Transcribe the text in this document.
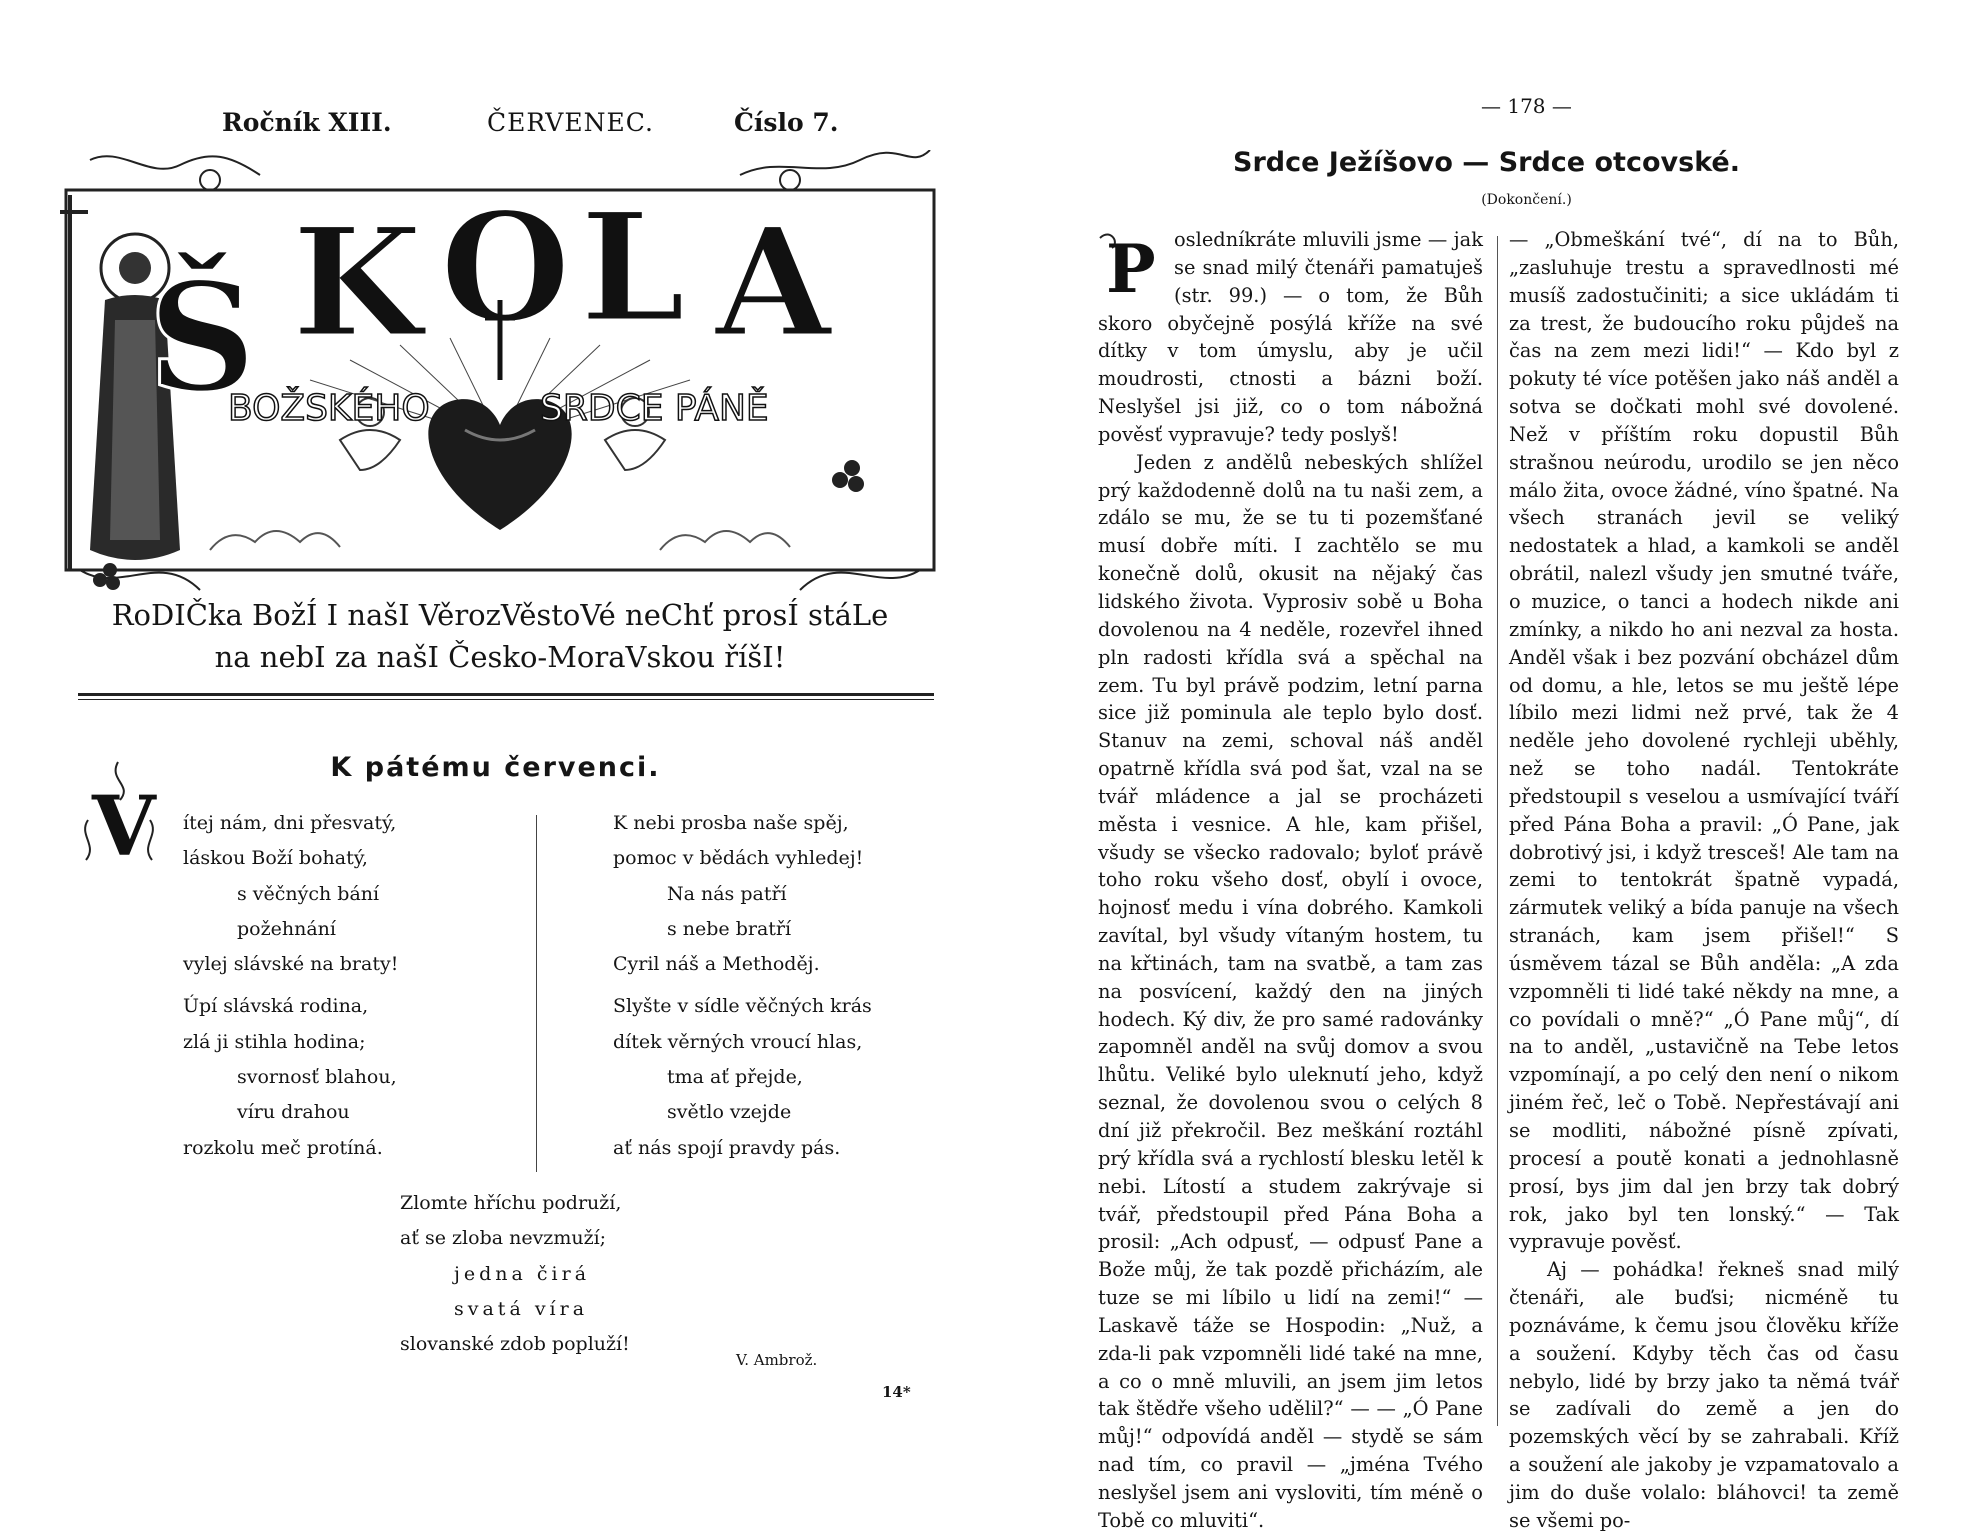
Ročník XIII.	ČERVENEC.	Číslo 7.
Š K O L A
BOŽSKÉHO	SRDCE PÁNĚ
RoDIČka BožÍ I našI VěrozVěstoVé neChť prosÍ stáLe
na nebI za našI Česko-MoraVskou říšI!
K pátému červenci.
V ítej nám, dni přesvatý,
láskou Boží bohatý,
s věčných bání
požehnání
vylej slávské na braty!
Úpí slávská rodina,
zlá ji stihla hodina;
svornosť blahou,
víru drahou
rozkolu meč protíná.
K nebi prosba naše spěj,
pomoc v bědách vyhledej!
Na nás patří
s nebe bratří
Cyril náš a Methoděj.
Slyšte v sídle věčných krás
dítek věrných vroucí hlas,
tma ať přejde,
světlo vzejde
ať nás spojí pravdy pás.
Zlomte hříchu podruží,
ať se zloba nevzmuží;
jedna čirá
svatá víra
slovanské zdob popluží!
V. Ambrož.
14*
— 178 —
Srdce Ježíšovo — Srdce otcovské.
(Dokončení.)

P osledníkráte mluvili jsme — jak se snad milý čtenáři pamatuješ (str. 99.) — o tom, že Bůh skoro obyčejně posýlá kříže na své dítky v tom úmyslu, aby je učil moudrosti, ctnosti a bázni boží. Neslyšel jsi již, co o tom nábožná pověsť vypravuje? tedy poslyš!

Jeden z andělů nebeských shlížel prý každodenně dolů na tu naši zem, a zdálo se mu, že se tu ti pozemšťané musí dobře míti. I zachtělo se mu konečně dolů, okusit na nějaký čas lidského života. Vyprosiv sobě u Boha dovolenou na 4 neděle, rozevřel ihned pln radosti křídla svá a spěchal na zem. Tu byl právě podzim, letní parna sice již pominula ale teplo bylo dosť. Stanuv na zemi, schoval náš anděl opatrně křídla svá pod šat, vzal na se tvář mládence a jal se procházeti města i vesnice. A hle, kam přišel, všudy se všecko radovalo; byloť právě toho roku všeho dosť, obylí i ovoce, hojnosť medu i vína dobrého. Kamkoli zavítal, byl všudy vítaným hostem, tu na křtinách, tam na svatbě, a tam zas na posvícení, každý den na jiných hodech. Ký div, že pro samé radovánky zapomněl anděl na svůj domov a svou lhůtu. Veliké bylo uleknutí jeho, když seznal, že dovolenou svou o celých 8 dní již překročil. Bez meškání roztáhl prý křídla svá a rychlostí blesku letěl k nebi. Lítostí a studem zakrývaje si tvář, předstoupil před Pána Boha a prosil: „Ach odpusť, — odpusť Pane a Bože můj, že tak pozdě přicházím, ale tuze se mi líbilo u lidí na zemi!“ — Laskavě táže se Hospodin: „Nuž, a zda-li pak vzpomněli lidé také na mne, a co o mně mluvili, an jsem jim letos tak štědře všeho udělil?“ — — „Ó Pane můj!“ odpovídá anděl — stydě se sám nad tím, co pravil — „jména Tvého neslyšel jsem ani vysloviti, tím méně o Tobě co mluviti“.

— „Obmeškání tvé“, dí na to Bůh, „zasluhuje trestu a spravedlnosti mé musíš zadostučiniti; a sice ukládám ti za trest, že budoucího roku půjdeš na čas na zem mezi lidi!“ — Kdo byl z pokuty té více potěšen jako náš anděl a sotva se dočkati mohl své dovolené. Než v příštím roku dopustil Bůh strašnou neúrodu, urodilo se jen něco málo žita, ovoce žádné, víno špatné. Na všech stranách jevil se veliký nedostatek a hlad, a kamkoli se anděl obrátil, nalezl všudy jen smutné tváře, o muzice, o tanci a hodech nikde ani zmínky, a nikdo ho ani nezval za hosta. Anděl však i bez pozvání obcházel dům od domu, a hle, letos se mu ještě lépe líbilo mezi lidmi než prvé, tak že 4 neděle jeho dovolené rychleji uběhly, než se toho nadál. Tentokráte předstoupil s veselou a usmívající tváří před Pána Boha a pravil: „Ó Pane, jak dobrotivý jsi, i když tresceš! Ale tam na zemi to tentokrát špatně vypadá, zármutek veliký a bída panuje na všech stranách, kam jsem přišel!“ S úsměvem tázal se Bůh anděla: „A zda vzpomněli ti lidé také někdy na mne, a co povídali o mně?“ „Ó Pane můj“, dí na to anděl, „ustavičně na Tebe letos vzpomínají, a po celý den není o nikom jiném řeč, leč o Tobě. Nepřestávají ani se modliti, nábožné písně zpívati, procesí a poutě konati a jednohlasně prosí, bys jim dal jen brzy tak dobrý rok, jako byl ten lonský.“ — Tak vypravuje pověsť.

Aj — pohádka! řekneš snad milý čtenáři, ale buďsi; nicméně tu poznáváme, k čemu jsou člověku kříže a soužení. Kdyby těch čas od času nebylo, lidé by brzy jako ta němá tvář se zadívali do země a jen do pozemských věcí by se zahrabali. Kříž a soužení ale jakoby je vzpamatovalo a jim do duše volalo: bláhovci! ta země se všemi po-
